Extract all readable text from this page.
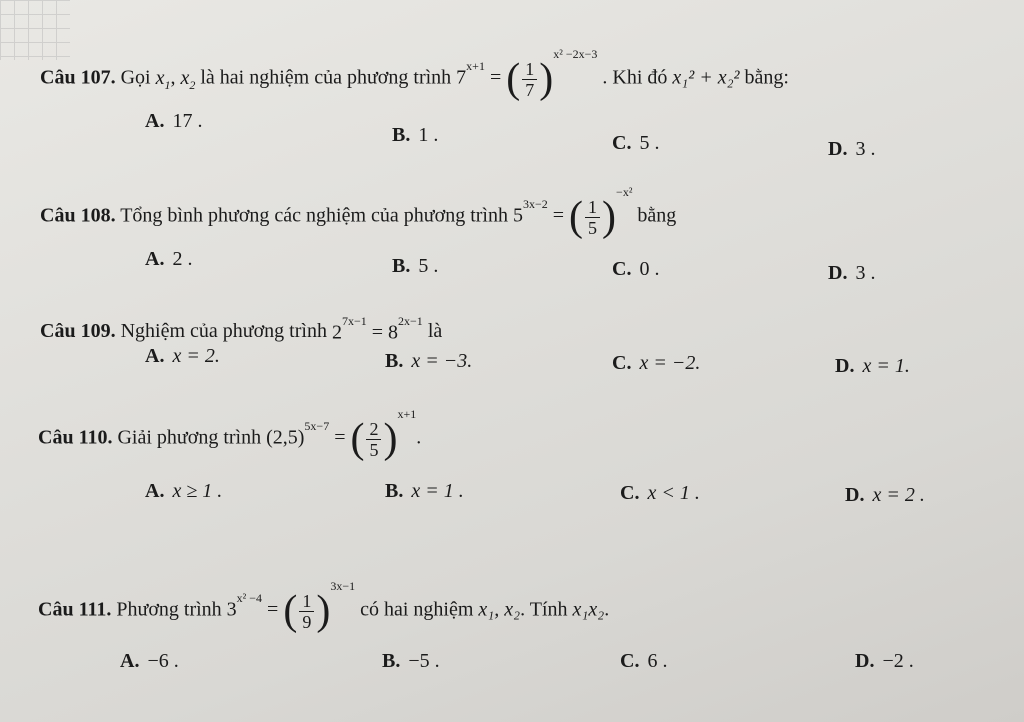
Câu 107. Gọi $x_1$, $x_2$ là hai nghiệm của phương trình $7^{x+1}$ = ( $\frac{1}{7} )^{x^2 -2x-3}$ . Khi đó x₁² + x₂² bằng:
A. 17 .
B. 1 .	C. 5 .	D. 3 .
Câu 108. Tổng bình phương các nghiệm của phương trình $5^{3x-2}$ = ( $\frac{1}{5} )^{-x^2}$ bằng
A. 2 .	B. 5 .	C. 0 .	D. 3 .
Câu 109. Nghiệm của phương trình $2^{7x-1} = 8^{2x-1}$ là
A. x = 2.	B. x = −3.	C. x = −2.	D. x = 1.
Câu 110. Giải phương trình $(2,5)^{5x-7}$ = ( $\frac{2}{5} )^{x+1}$.
A. x ≥ 1 .	B. x = 1 .	C. x < 1 .	D. x = 2 .
Câu 111. Phương trình $3^{x^2 -4}$ = ( $\frac{1}{9} )^{3x-1}$ có hai nghiệm x₁, x₂. Tính x₁x₂.
A. −6 .	B. −5 .	C. 6 .	D. −2 .
